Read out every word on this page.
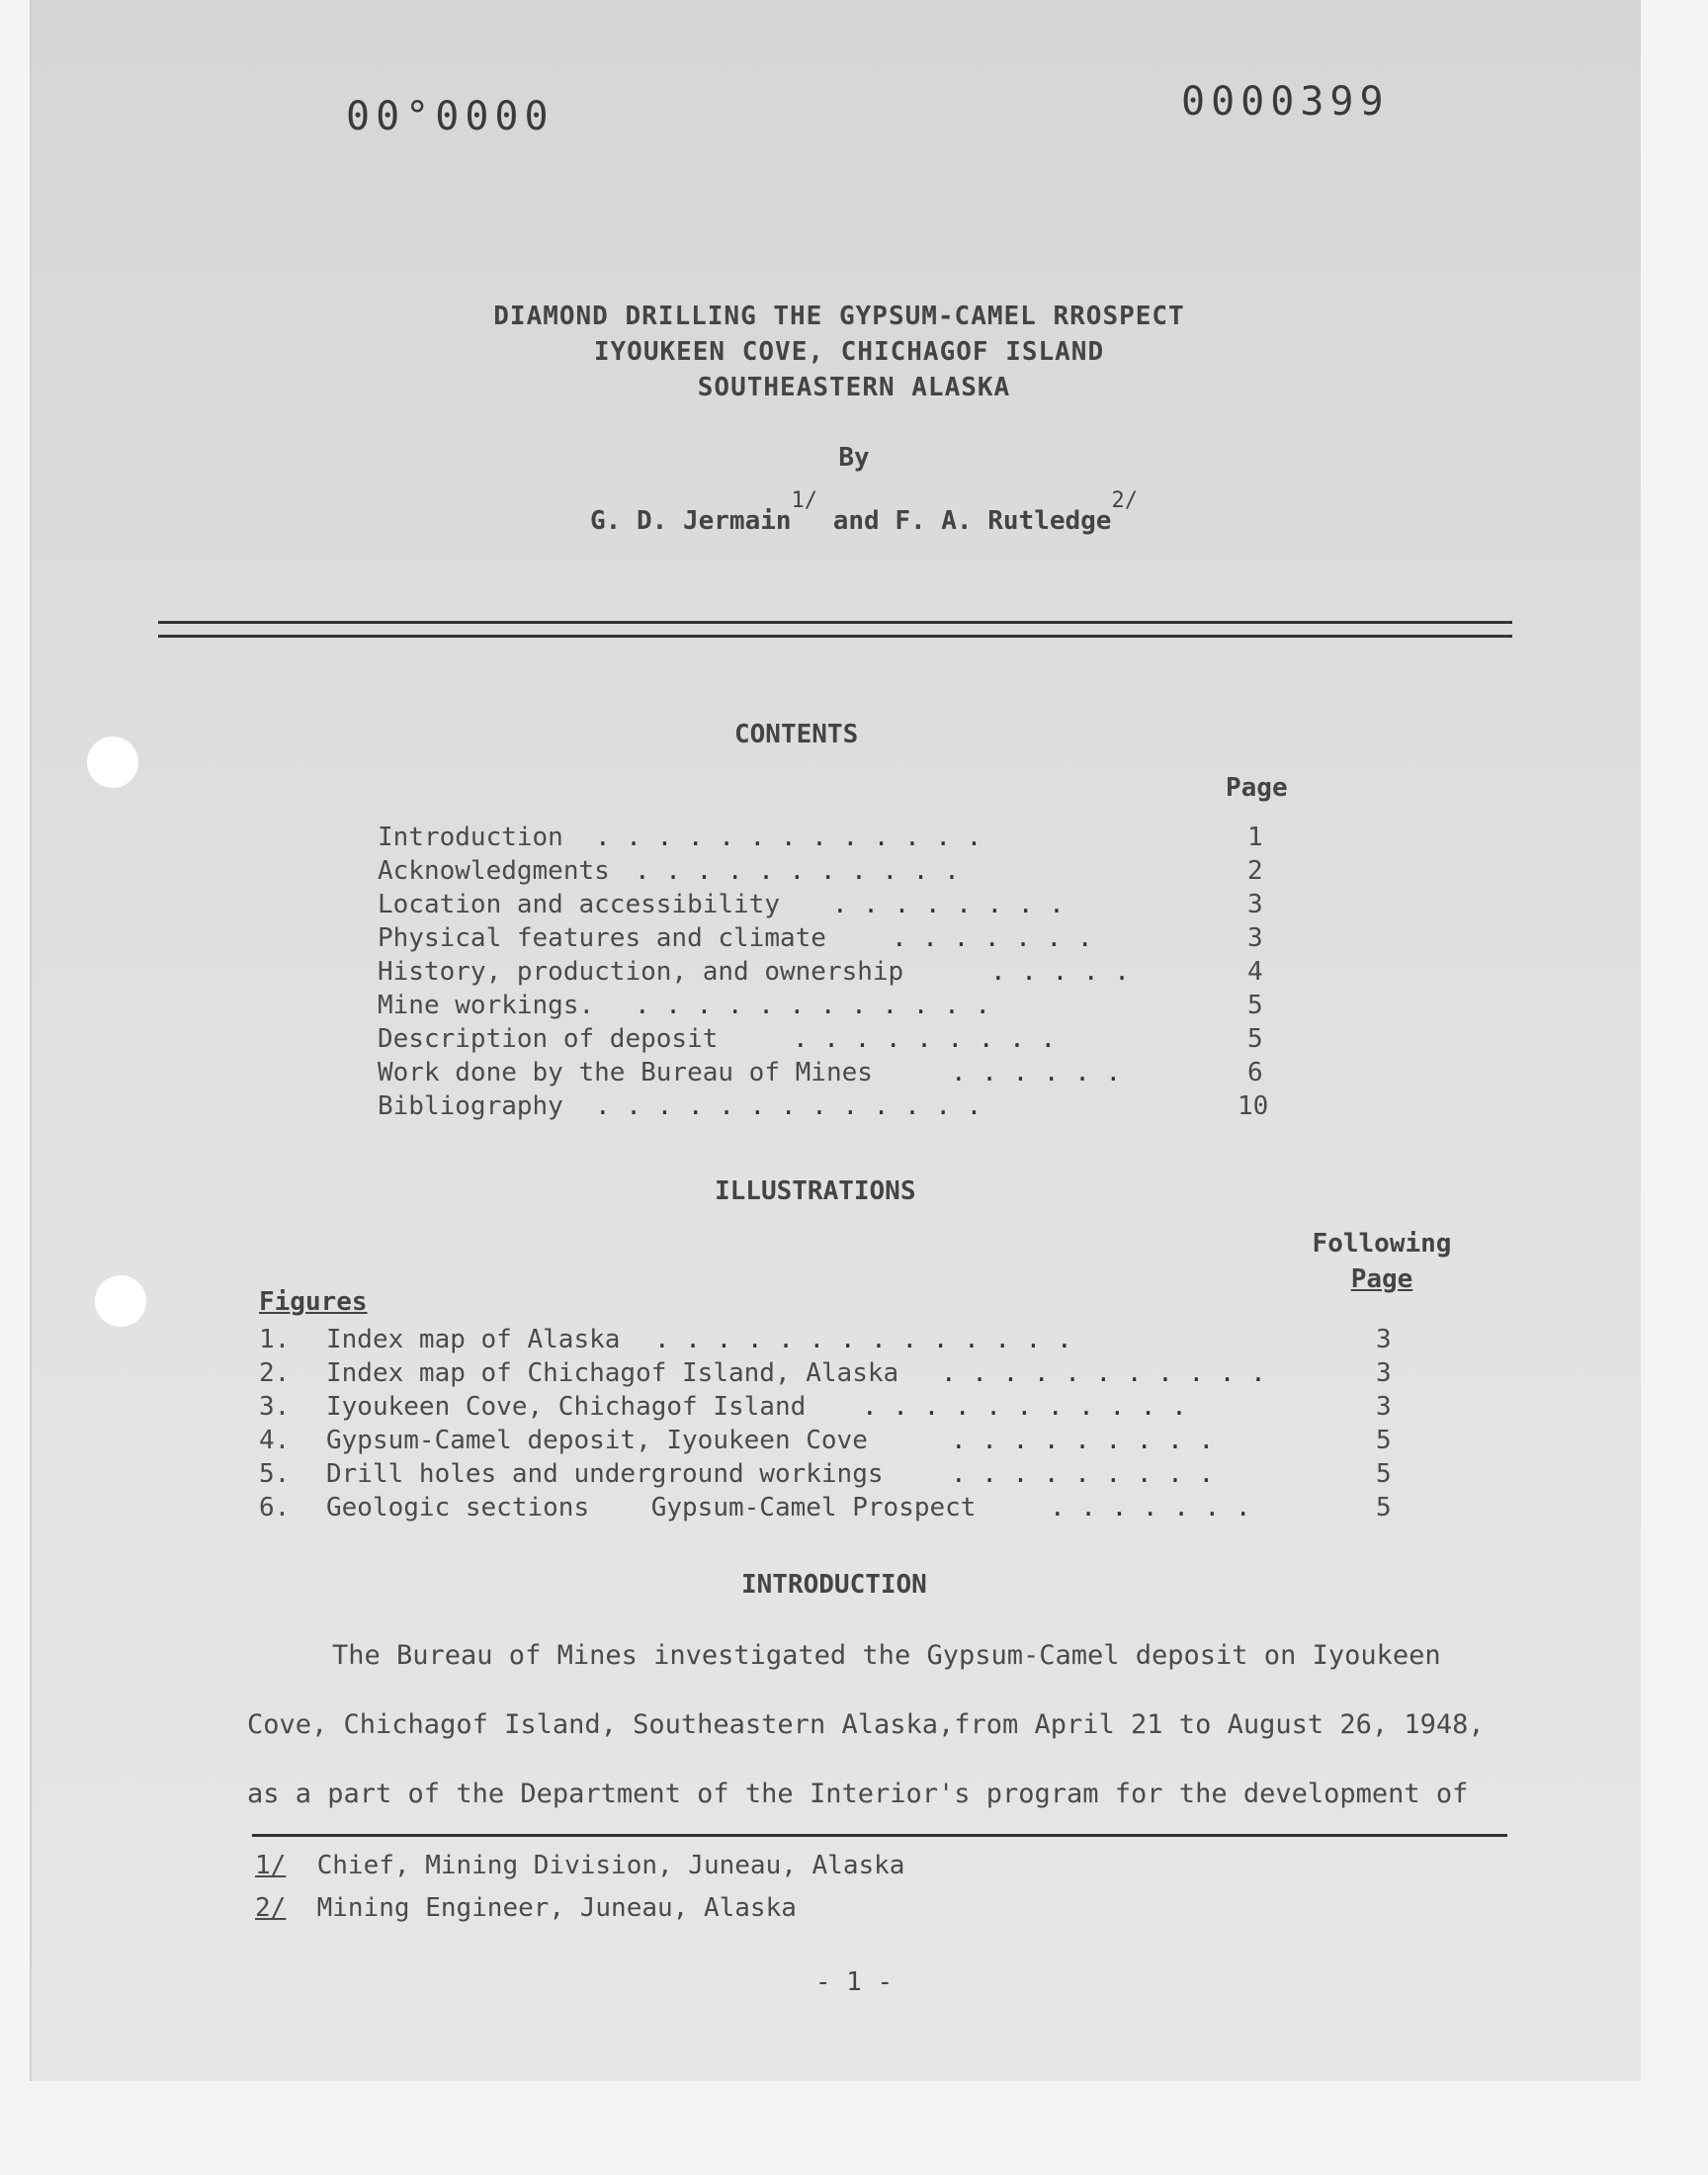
00°0000	0000399
DIAMOND DRILLING THE GYPSUM-CAMEL RROSPECT
IYOUKEEN COVE, CHICHAGOF ISLAND
SOUTHEASTERN ALASKA
By
G. D. Jermain$^{1/}$ and F. A. Rutledge$^{2/}$
CONTENTS
Page
Introduction . . . . . . . . . . . . .	1
Acknowledgments . . . . . . . . . . .	2
Location and accessibility . . . . . . . .	3
Physical features and climate	. . . . . . .	3
History, production, and ownership	. . . . .	4
Mine workings. . . . . . . . . . . . .	5
Description of deposit	. . . . . . . . .	5
Work done by the Bureau of Mines	. . . . . .	6
Bibliography . . . . . . . . . . . . .	10
ILLUSTRATIONS
Following
Page
Figures
1. Index map of Alaska . . . . . . . . . . . . . .	3
2. Index map of Chichagof Island, Alaska . . . . . . . . . . .	3
3. Iyoukeen Cove, Chichagof Island . . . . . . . . . . .	3
4. Gypsum-Camel deposit, Iyoukeen Cove	. . . . . . . . .	5
5. Drill holes and underground workings	. . . . . . . . .	5
6. Geologic sections    Gypsum-Camel Prospect	. . . . . . .	5
INTRODUCTION
The Bureau of Mines investigated the Gypsum-Camel deposit on Iyoukeen
Cove, Chichagof Island, Southeastern Alaska,from April 21 to August 26, 1948,
as a part of the Department of the Interior's program for the development of
1/ Chief, Mining Division, Juneau, Alaska
2/ Mining Engineer, Juneau, Alaska
- 1 -
